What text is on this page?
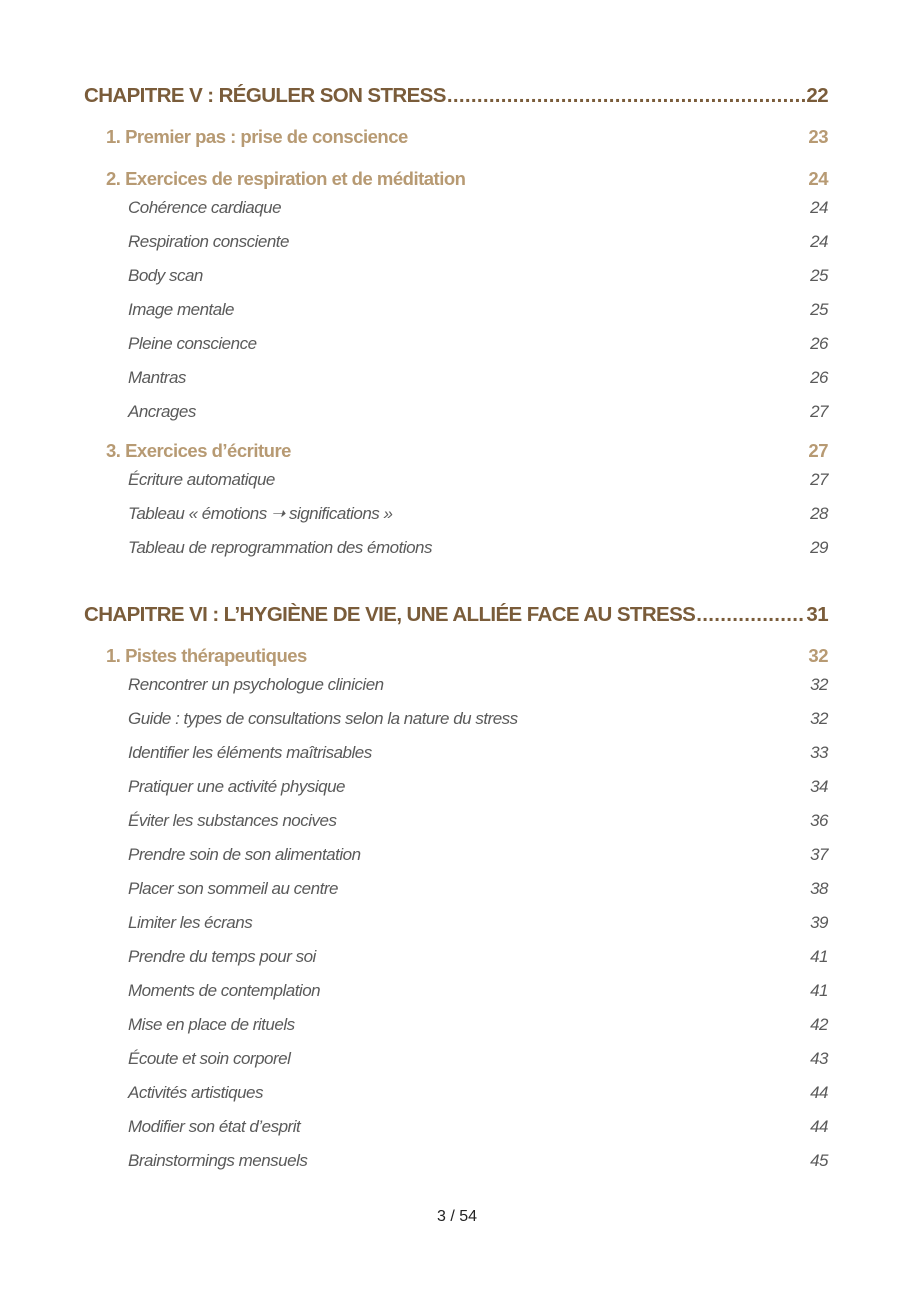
CHAPITRE V : RÉGULER SON STRESS .....	22
1. Premier pas : prise de conscience	23
2. Exercices de respiration et de méditation	24
Cohérence cardiaque	24
Respiration consciente	24
Body scan	25
Image mentale	25
Pleine conscience	26
Mantras	26
Ancrages	27
3. Exercices d’écriture	27
Écriture automatique	27
Tableau « émotions ➝ significations »	28
Tableau de reprogrammation des émotions	29
CHAPITRE VI : L’HYGIÈNE DE VIE, UNE ALLIÉE FACE AU STRESS .....	31
1. Pistes thérapeutiques	32
Rencontrer un psychologue clinicien	32
Guide : types de consultations selon la nature du stress	32
Identifier les éléments maîtrisables	33
Pratiquer une activité physique	34
Éviter les substances nocives	36
Prendre soin de son alimentation	37
Placer son sommeil au centre	38
Limiter les écrans	39
Prendre du temps pour soi	41
Moments de contemplation	41
Mise en place de rituels	42
Écoute et soin corporel	43
Activités artistiques	44
Modifier son état d’esprit	44
Brainstormings mensuels	45
3 / 54
